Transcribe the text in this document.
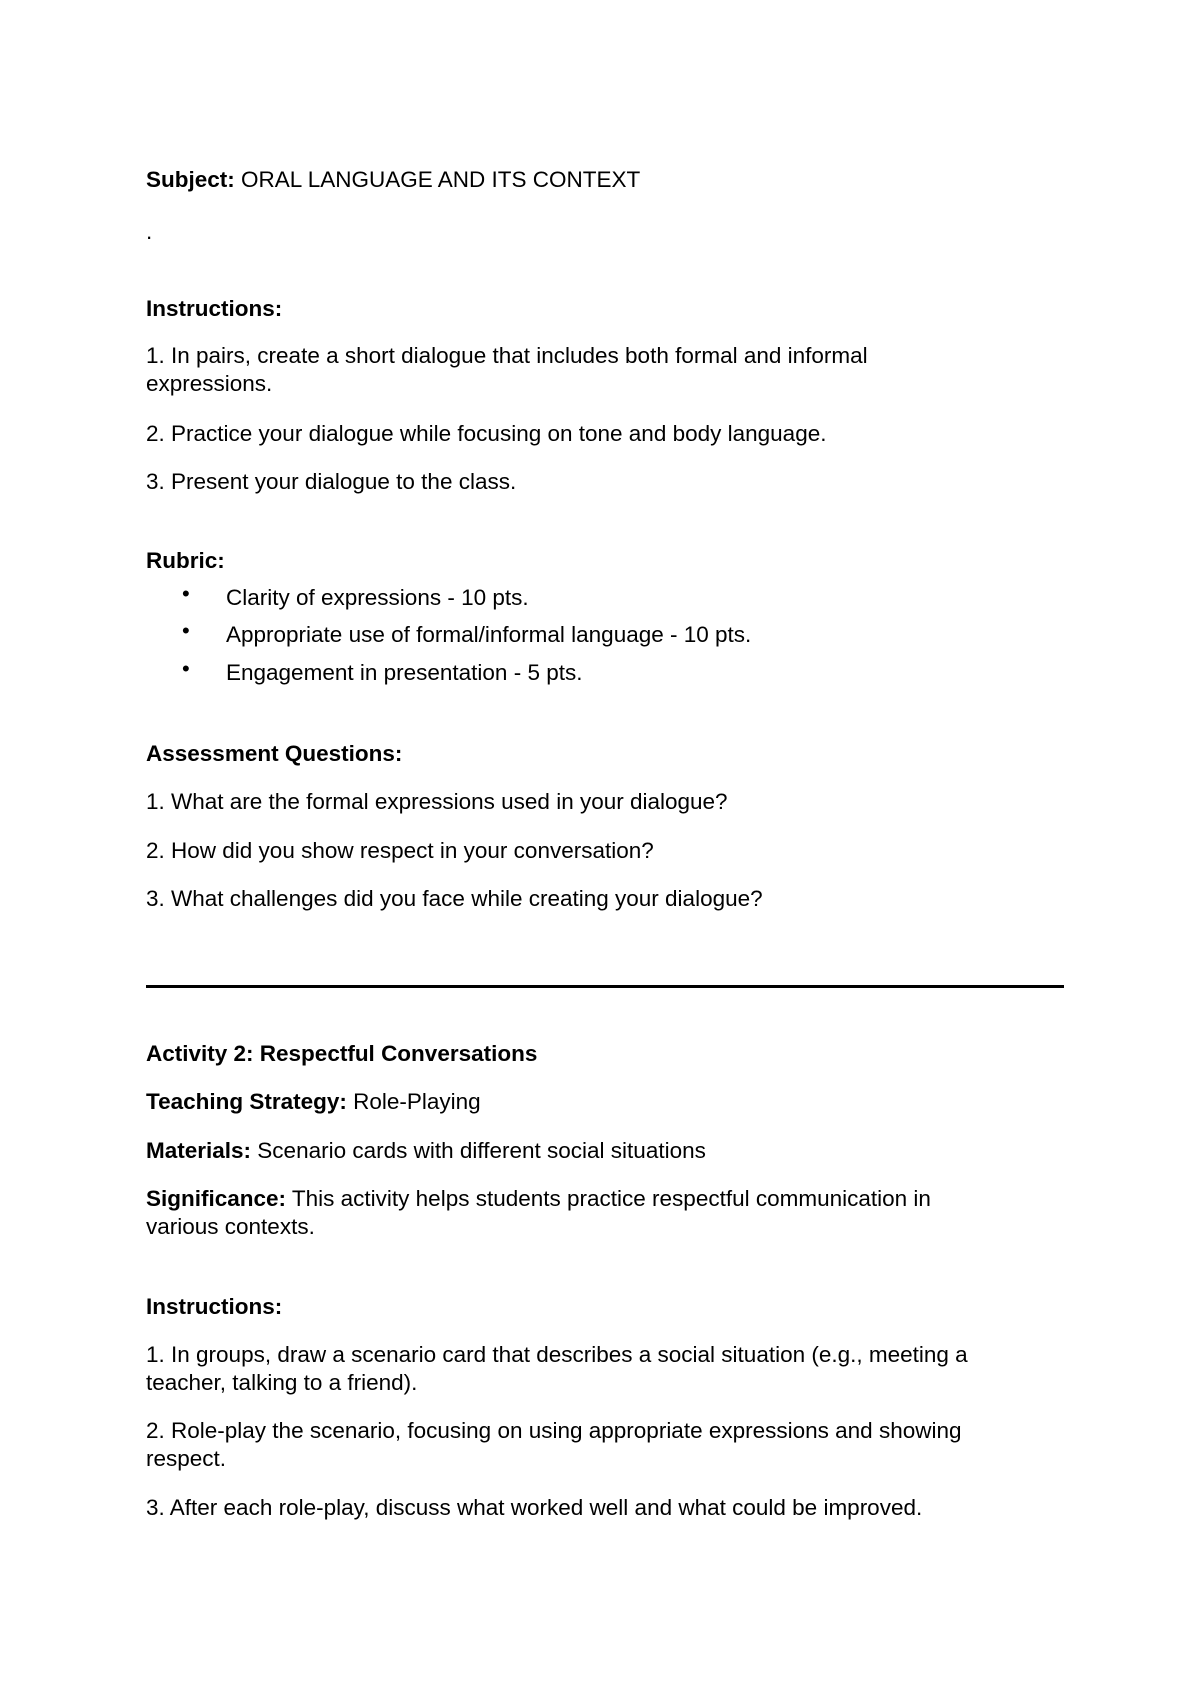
Subject: ORAL LANGUAGE AND ITS CONTEXT
.
Instructions:
1. In pairs, create a short dialogue that includes both formal and informal expressions.
2. Practice your dialogue while focusing on tone and body language.
3. Present your dialogue to the class.
Rubric:
• Clarity of expressions - 10 pts.
• Appropriate use of formal/informal language - 10 pts.
• Engagement in presentation - 5 pts.
Assessment Questions:
1. What are the formal expressions used in your dialogue?
2. How did you show respect in your conversation?
3. What challenges did you face while creating your dialogue?
Activity 2: Respectful Conversations
Teaching Strategy: Role-Playing
Materials: Scenario cards with different social situations
Significance: This activity helps students practice respectful communication in various contexts.
Instructions:
1. In groups, draw a scenario card that describes a social situation (e.g., meeting a teacher, talking to a friend).
2. Role-play the scenario, focusing on using appropriate expressions and showing respect.
3. After each role-play, discuss what worked well and what could be improved.
